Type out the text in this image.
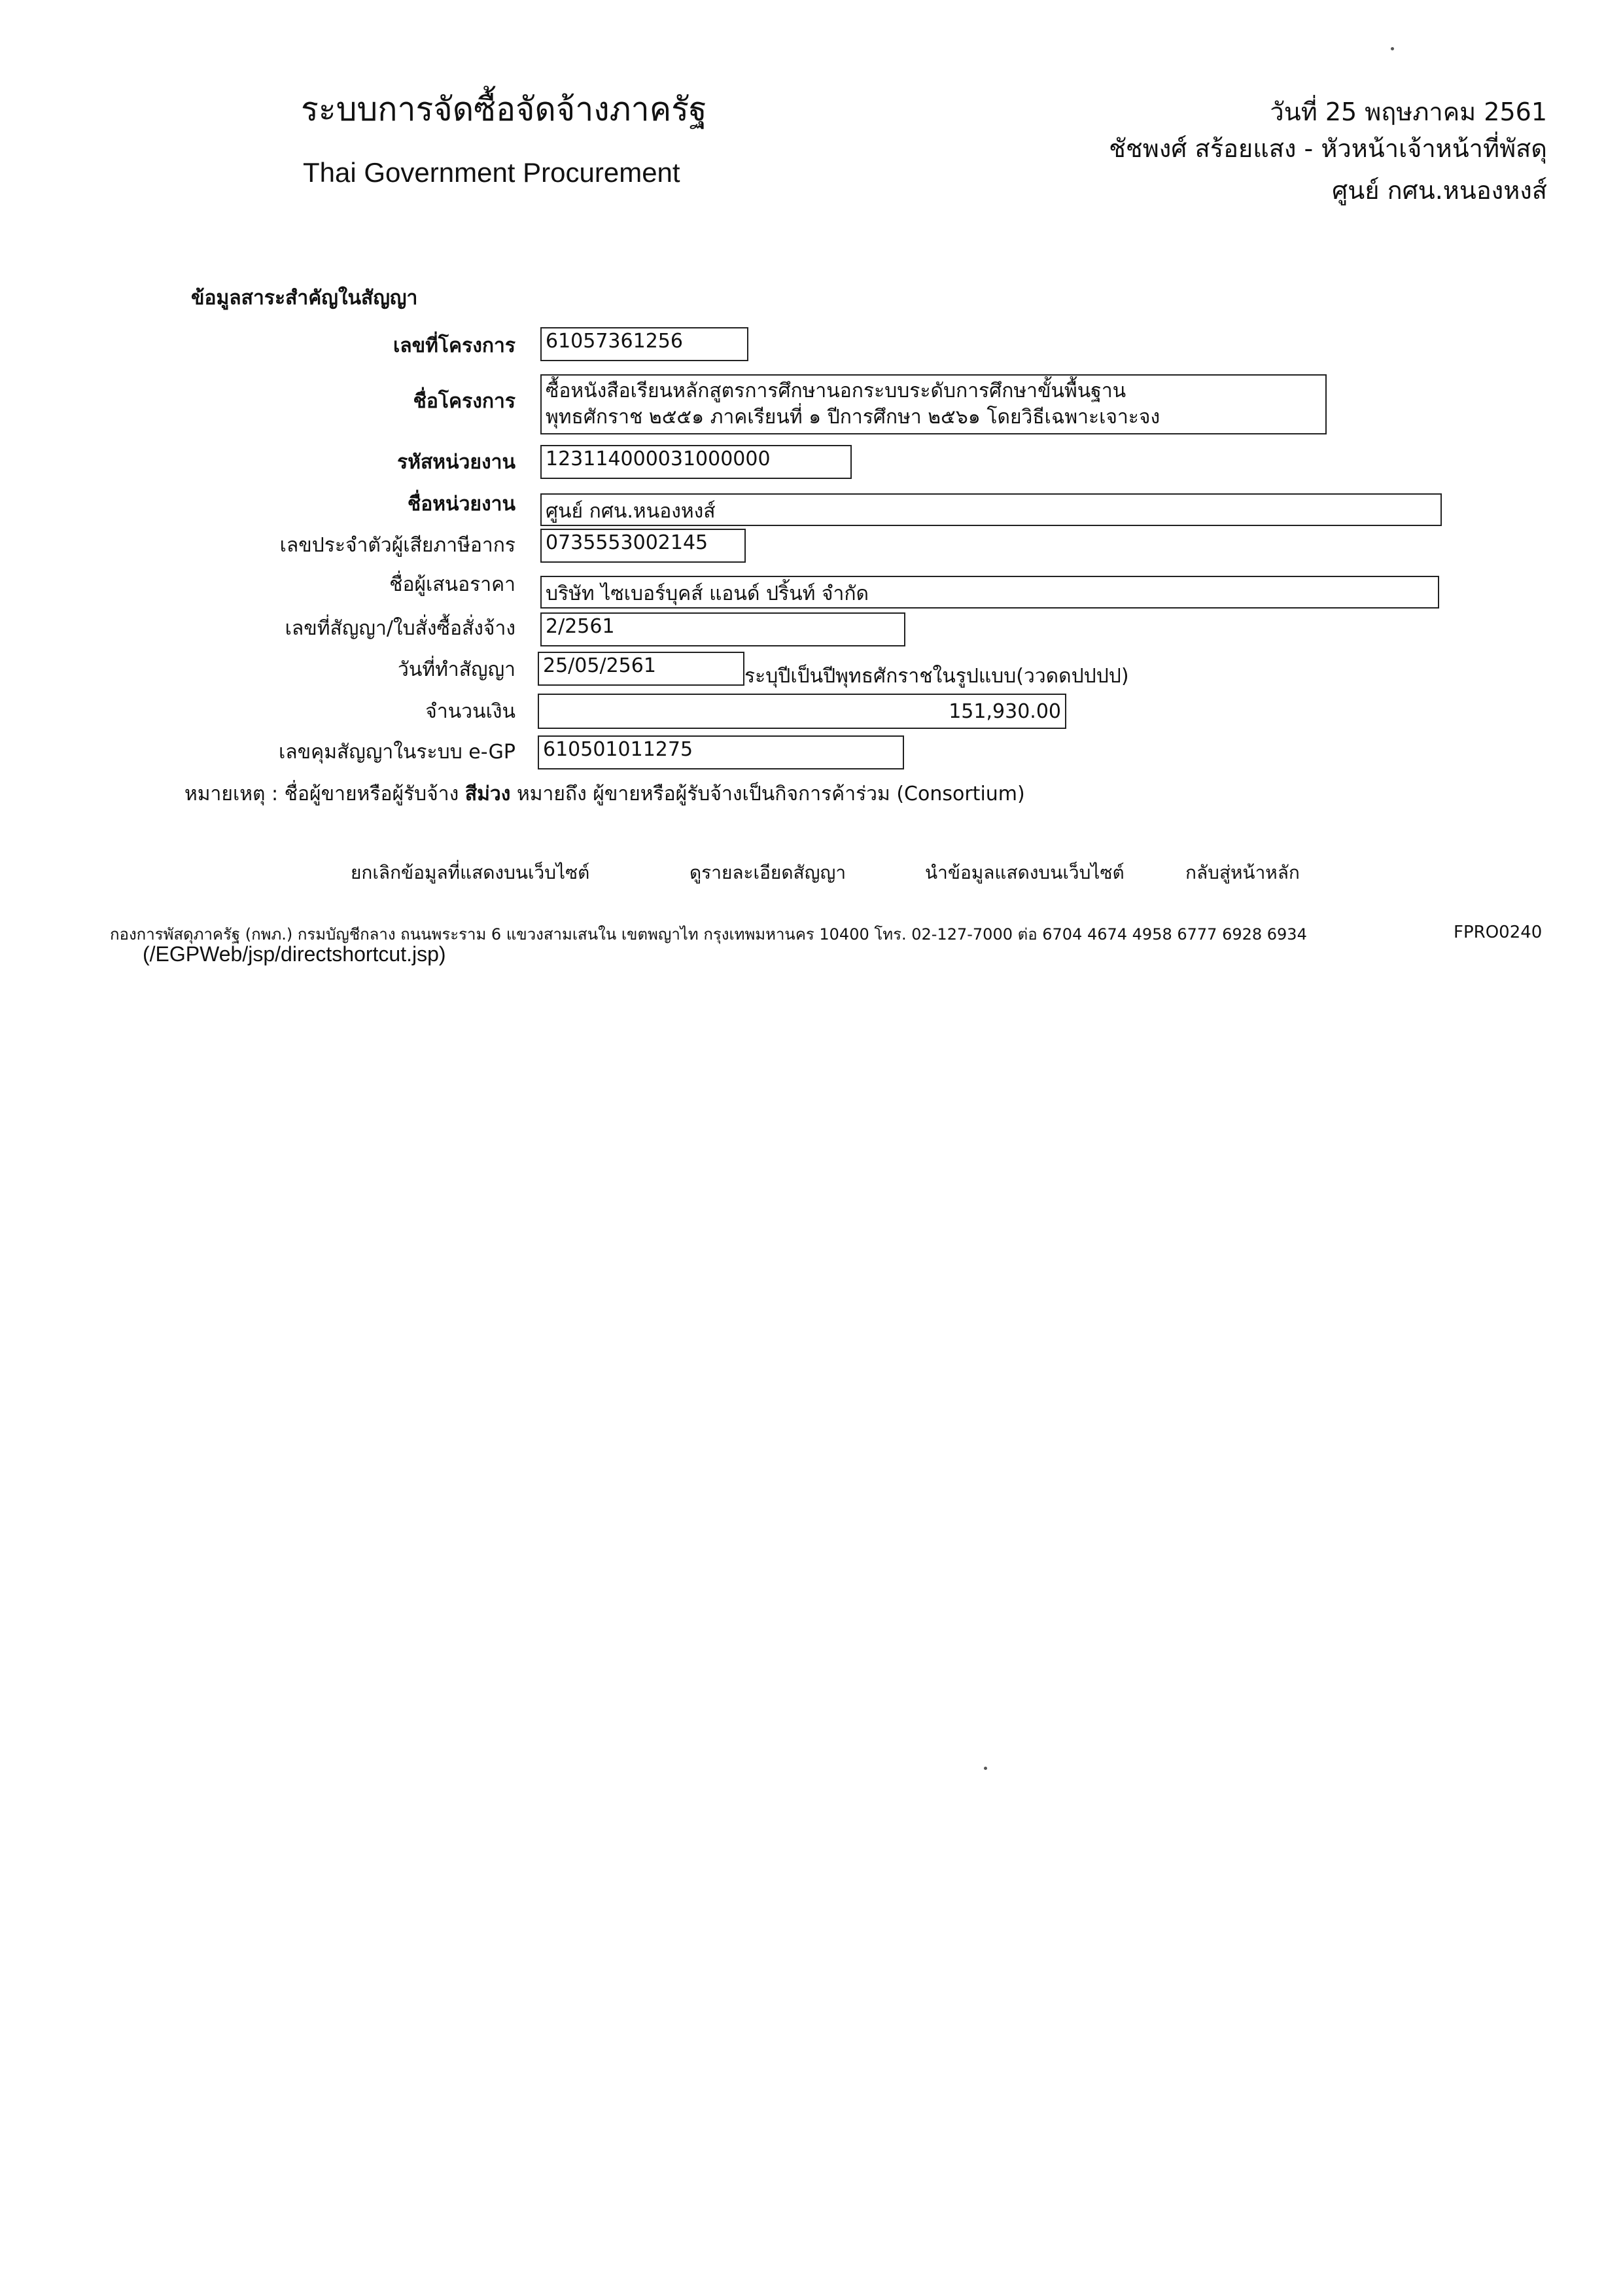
ระบบการจัดซื้อจัดจ้างภาครัฐ
Thai Government Procurement
วันที่ 25 พฤษภาคม 2561
ชัชพงศ์ สร้อยแสง - หัวหน้าเจ้าหน้าที่พัสดุ
ศูนย์ กศน.หนองหงส์
ข้อมูลสาระสำคัญในสัญญา
เลขที่โครงการ 61057361256
ชื่อโครงการ ซื้อหนังสือเรียนหลักสูตรการศึกษานอกระบบระดับการศึกษาขั้นพื้นฐาน
พุทธศักราช ๒๕๕๑ ภาคเรียนที่ ๑ ปีการศึกษา ๒๕๖๑ โดยวิธีเฉพาะเจาะจง
รหัสหน่วยงาน 123114000031000000
ชื่อหน่วยงาน ศูนย์ กศน.หนองหงส์
เลขประจำตัวผู้เสียภาษีอากร 0735553002145
ชื่อผู้เสนอราคา บริษัท ไซเบอร์บุคส์ แอนด์ ปริ้นท์ จำกัด
เลขที่สัญญา/ใบสั่งซื้อสั่งจ้าง 2/2561
วันที่ทำสัญญา 25/05/2561	ระบุปีเป็นปีพุทธศักราชในรูปแบบ(ววดดปปปป)
จำนวนเงิน	151,930.00
เลขคุมสัญญาในระบบ e-GP 610501011275
หมายเหตุ : ชื่อผู้ขายหรือผู้รับจ้าง สีม่วง หมายถึง ผู้ขายหรือผู้รับจ้างเป็นกิจการค้าร่วม (Consortium)
ยกเลิกข้อมูลที่แสดงบนเว็บไซต์	ดูรายละเอียดสัญญา	นำข้อมูลแสดงบนเว็บไซต์	กลับสู่หน้าหลัก
กองการพัสดุภาครัฐ (กพภ.) กรมบัญชีกลาง ถนนพระราม 6 แขวงสามเสนใน เขตพญาไท กรุงเทพมหานคร 10400 โทร. 02-127-7000 ต่อ 6704 4674 4958 6777 6928 6934	FPRO0240
(/EGPWeb/jsp/directshortcut.jsp)
